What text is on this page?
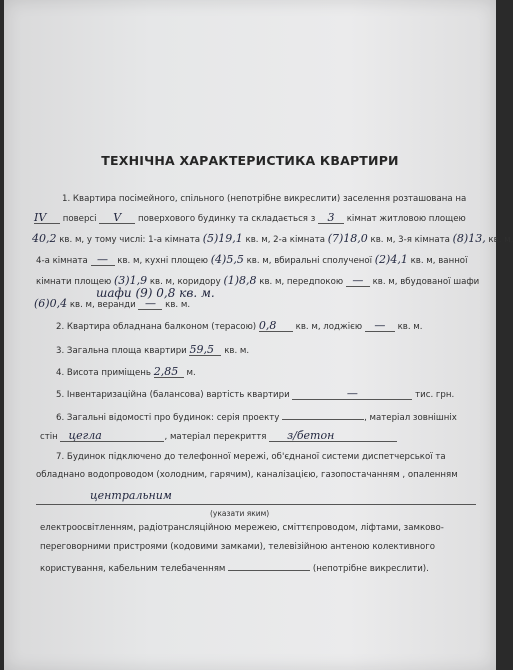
ТЕХНІЧНА ХАРАКТЕРИСТИКА КВАРТИРИ
1. Квартира посімейного, спільного (непотрібне викреслити) заселення розташована на
IV поверсі V поверхового будинку та складається з 3 кімнат житловою площею
40,2 кв. м, у тому числі: 1-а кімната (5)19,1 кв. м, 2-а кімната (7)18,0 кв. м, 3-я кімната (8)13, кв. м,
4-а кімната — кв. м, кухні площею (4)5,5 кв. м, вбиральні сполученої (2)4,1 кв. м, ванної
кімнати площею (3)1,9 кв. м, коридору (1)8,8 кв. м, передпокою — кв. м, вбудованої шафи
(6)0,4 кв. м, веранди — кв. м.
шафи (9) 0,8 кв. м.
2. Квартира обладнана балконом (терасою) 0,8 кв. м, лоджією — кв. м.
3. Загальна площа квартири 59,5 кв. м.
4. Висота приміщень 2,85 м.
5. Інвентаризаційна (балансова) вартість квартири	—	тис. грн.
6. Загальні відомості про будинок: серія проекту	, матеріал зовнішніх
стін цегла	, матеріал перекриття з/бетон
7. Будинок підключено до телефонної мережі, об'єднаної системи диспетчерської та
обладнано водопроводом (холодним, гарячим), каналізацією, газопостачанням , опаленням
центральним
(указати яким)
електроосвітленням, радіотрансляційною мережею, сміттєпроводом, ліфтами, замково-
переговорними пристроями (кодовими замками), телевізійною антеною колективного
користування, кабельним телебаченням	(непотрібне викреслити).
